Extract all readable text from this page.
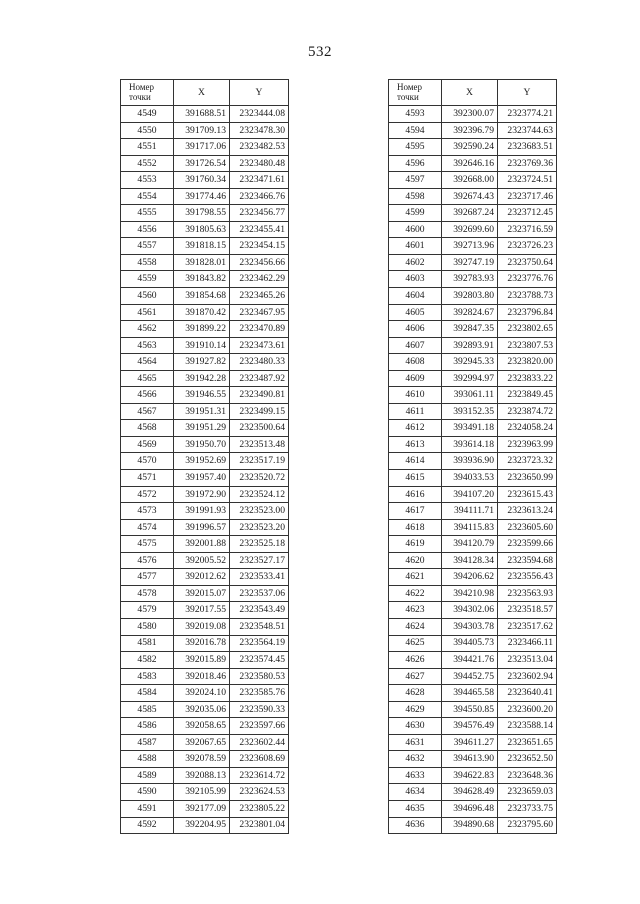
532
Номер точки	X	Y
4549	391688.51	2323444.08
4550	391709.13	2323478.30
4551	391717.06	2323482.53
4552	391726.54	2323480.48
4553	391760.34	2323471.61
4554	391774.46	2323466.76
4555	391798.55	2323456.77
4556	391805.63	2323455.41
4557	391818.15	2323454.15
4558	391828.01	2323456.66
4559	391843.82	2323462.29
4560	391854.68	2323465.26
4561	391870.42	2323467.95
4562	391899.22	2323470.89
4563	391910.14	2323473.61
4564	391927.82	2323480.33
4565	391942.28	2323487.92
4566	391946.55	2323490.81
4567	391951.31	2323499.15
4568	391951.29	2323500.64
4569	391950.70	2323513.48
4570	391952.69	2323517.19
4571	391957.40	2323520.72
4572	391972.90	2323524.12
4573	391991.93	2323523.00
4574	391996.57	2323523.20
4575	392001.88	2323525.18
4576	392005.52	2323527.17
4577	392012.62	2323533.41
4578	392015.07	2323537.06
4579	392017.55	2323543.49
4580	392019.08	2323548.51
4581	392016.78	2323564.19
4582	392015.89	2323574.45
4583	392018.46	2323580.53
4584	392024.10	2323585.76
4585	392035.06	2323590.33
4586	392058.65	2323597.66
4587	392067.65	2323602.44
4588	392078.59	2323608.69
4589	392088.13	2323614.72
4590	392105.99	2323624.53
4591	392177.09	2323805.22
4592	392204.95	2323801.04
Номер точки	X	Y
4593	392300.07	2323774.21
4594	392396.79	2323744.63
4595	392590.24	2323683.51
4596	392646.16	2323769.36
4597	392668.00	2323724.51
4598	392674.43	2323717.46
4599	392687.24	2323712.45
4600	392699.60	2323716.59
4601	392713.96	2323726.23
4602	392747.19	2323750.64
4603	392783.93	2323776.76
4604	392803.80	2323788.73
4605	392824.67	2323796.84
4606	392847.35	2323802.65
4607	392893.91	2323807.53
4608	392945.33	2323820.00
4609	392994.97	2323833.22
4610	393061.11	2323849.45
4611	393152.35	2323874.72
4612	393491.18	2324058.24
4613	393614.18	2323963.99
4614	393936.90	2323723.32
4615	394033.53	2323650.99
4616	394107.20	2323615.43
4617	394111.71	2323613.24
4618	394115.83	2323605.60
4619	394120.79	2323599.66
4620	394128.34	2323594.68
4621	394206.62	2323556.43
4622	394210.98	2323563.93
4623	394302.06	2323518.57
4624	394303.78	2323517.62
4625	394405.73	2323466.11
4626	394421.76	2323513.04
4627	394452.75	2323602.94
4628	394465.58	2323640.41
4629	394550.85	2323600.20
4630	394576.49	2323588.14
4631	394611.27	2323651.65
4632	394613.90	2323652.50
4633	394622.83	2323648.36
4634	394628.49	2323659.03
4635	394696.48	2323733.75
4636	394890.68	2323795.60
